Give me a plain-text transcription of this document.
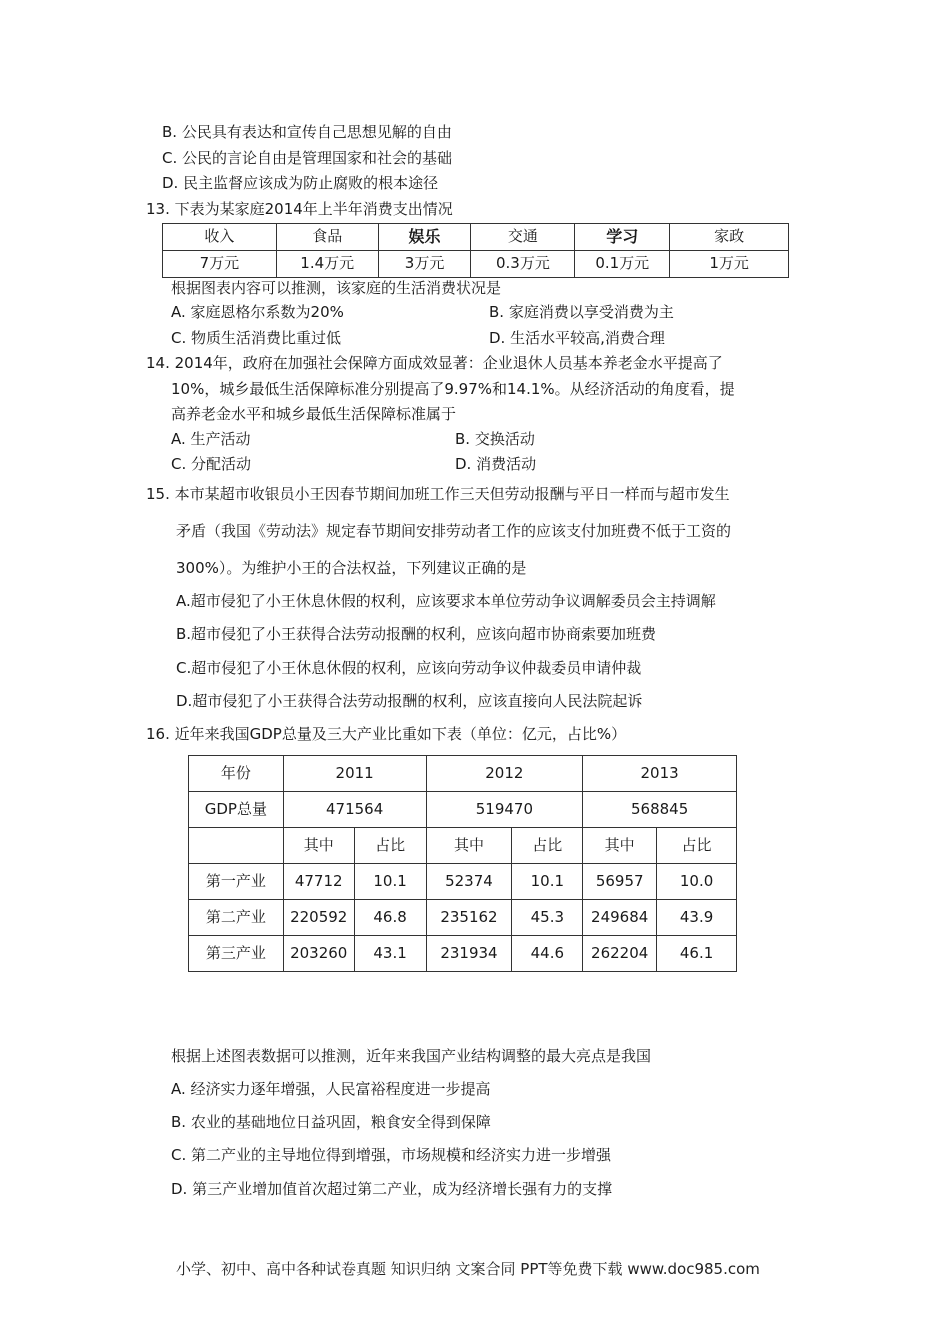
B. 公民具有表达和宣传自己思想见解的自由
C. 公民的言论自由是管理国家和社会的基础
D. 民主监督应该成为防止腐败的根本途径
13. 下表为某家庭2014年上半年消费支出情况
收入	食品	娱乐	交通	学习	家政
7万元	1.4万元	3万元	0.3万元	0.1万元	1万元
根据图表内容可以推测，该家庭的生活消费状况是
A. 家庭恩格尔系数为20%	B. 家庭消费以享受消费为主
C. 物质生活消费比重过低	D. 生活水平较高,消费合理
14. 2014年，政府在加强社会保障方面成效显著：企业退休人员基本养老金水平提高了
10%，城乡最低生活保障标准分别提高了9.97%和14.1%。从经济活动的角度看，提
高养老金水平和城乡最低生活保障标准属于
A. 生产活动	B. 交换活动
C. 分配活动	D. 消费活动
15. 本市某超市收银员小王因春节期间加班工作三天但劳动报酬与平日一样而与超市发生
矛盾（我国《劳动法》规定春节期间安排劳动者工作的应该支付加班费不低于工资的
300%）。为维护小王的合法权益，下列建议正确的是
A.超市侵犯了小王休息休假的权利，应该要求本单位劳动争议调解委员会主持调解
B.超市侵犯了小王获得合法劳动报酬的权利，应该向超市协商索要加班费
C.超市侵犯了小王休息休假的权利，应该向劳动争议仲裁委员申请仲裁
D.超市侵犯了小王获得合法劳动报酬的权利，应该直接向人民法院起诉
16. 近年来我国GDP总量及三大产业比重如下表（单位：亿元，占比%）
年份	2011		2012		2013	
GDP总量	471564		519470		568845	
	其中	占比	其中	占比	其中	占比
第一产业	47712	10.1	52374	10.1	56957	10.0
第二产业	220592	46.8	235162	45.3	249684	43.9
第三产业	203260	43.1	231934	44.6	262204	46.1
根据上述图表数据可以推测，近年来我国产业结构调整的最大亮点是我国
A. 经济实力逐年增强，人民富裕程度进一步提高
B. 农业的基础地位日益巩固，粮食安全得到保障
C. 第二产业的主导地位得到增强，市场规模和经济实力进一步增强
D. 第三产业增加值首次超过第二产业，成为经济增长强有力的支撑
小学、初中、高中各种试卷真题 知识归纳 文案合同 PPT等免费下载 www.doc985.com
